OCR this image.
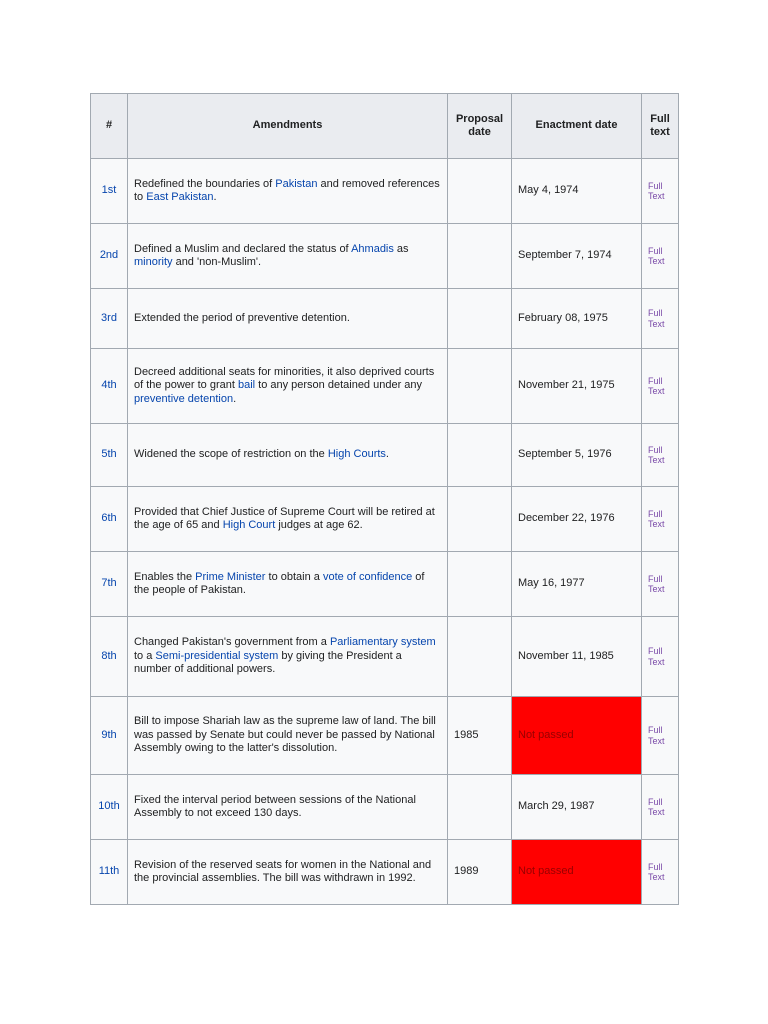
#	Amendments	Proposal date	Enactment date	Full text
1st	Redefined the boundaries of Pakistan and removed references to East Pakistan.		May 4, 1974	Full Text
2nd	Defined a Muslim and declared the status of Ahmadis as minority and 'non-Muslim'.		September 7, 1974	Full Text
3rd	Extended the period of preventive detention.		February 08, 1975	Full Text
4th	Decreed additional seats for minorities, it also deprived courts of the power to grant bail to any person detained under any preventive detention.		November 21, 1975	Full Text
5th	Widened the scope of restriction on the High Courts.		September 5, 1976	Full Text
6th	Provided that Chief Justice of Supreme Court will be retired at the age of 65 and High Court judges at age 62.		December 22, 1976	Full Text
7th	Enables the Prime Minister to obtain a vote of confidence of the people of Pakistan.		May 16, 1977	Full Text
8th	Changed Pakistan's government from a Parliamentary system to a Semi-presidential system by giving the President a number of additional powers.		November 11, 1985	Full Text
9th	Bill to impose Shariah law as the supreme law of land. The bill was passed by Senate but could never be passed by National Assembly owing to the latter's dissolution.	1985	Not passed	Full Text
10th	Fixed the interval period between sessions of the National Assembly to not exceed 130 days.		March 29, 1987	Full Text
11th	Revision of the reserved seats for women in the National and the provincial assemblies. The bill was withdrawn in 1992.	1989	Not passed	Full Text
